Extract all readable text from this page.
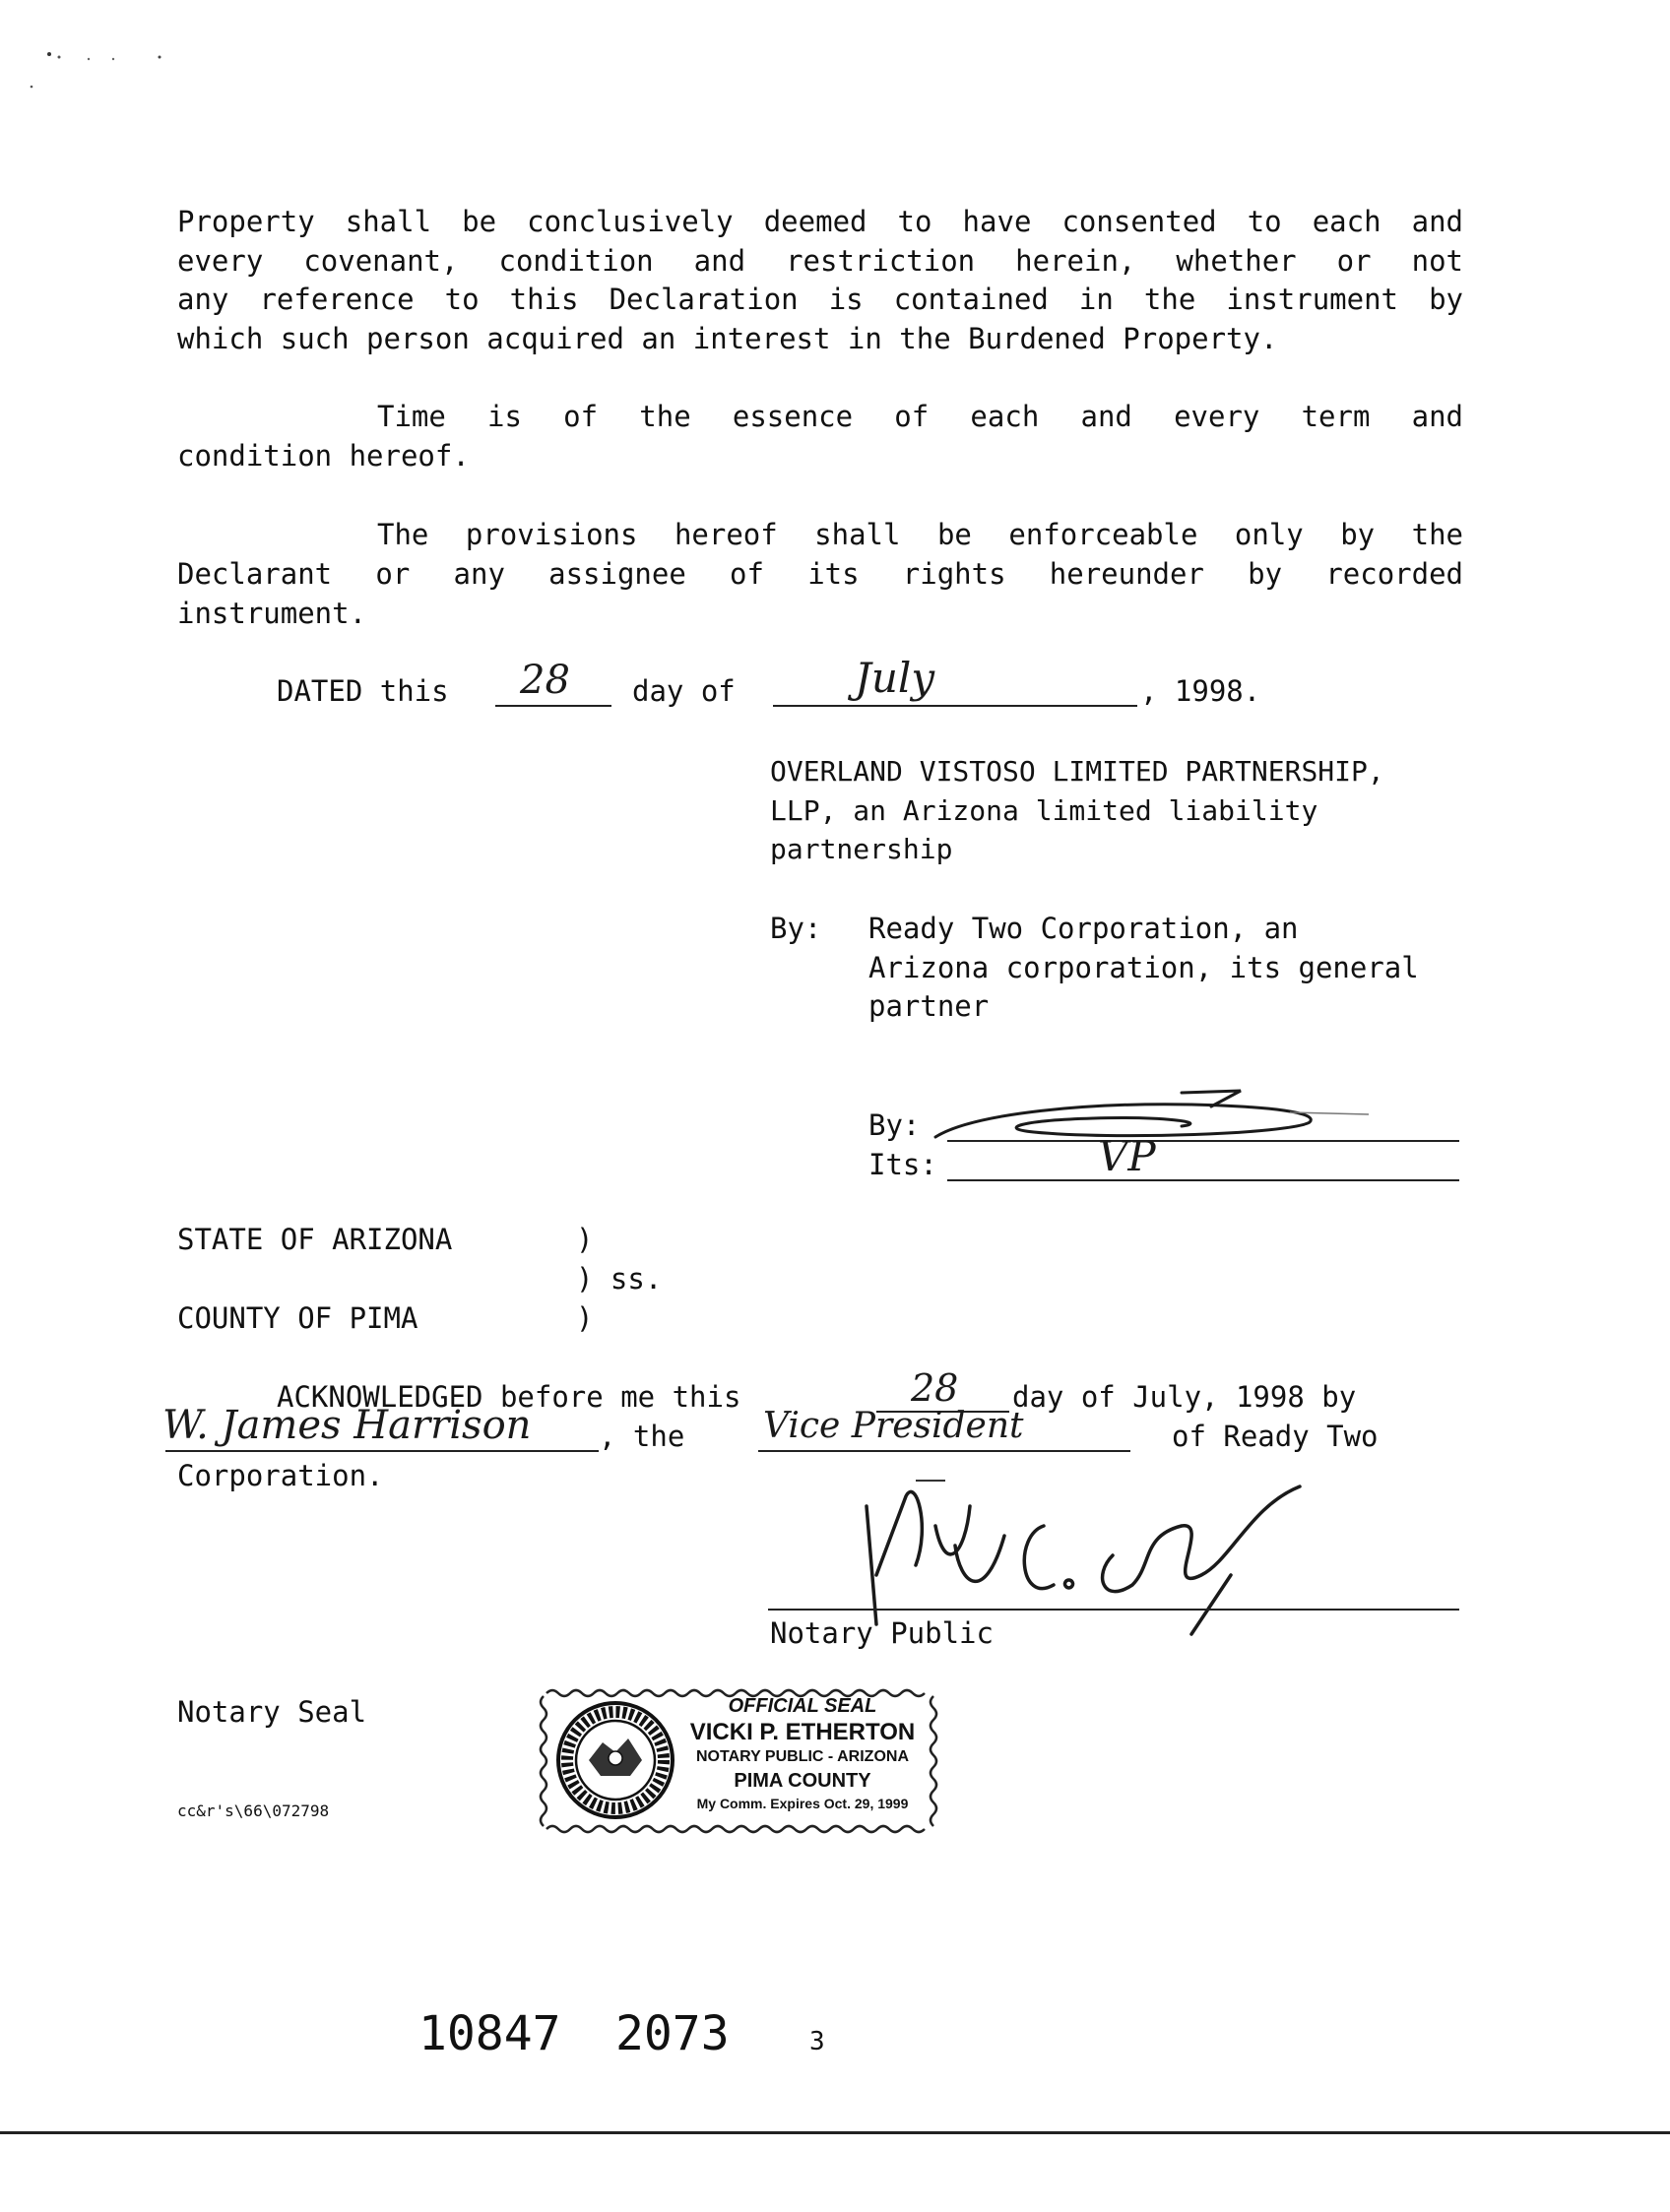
Property shall be conclusively deemed to have consented to each and
every covenant, condition and restriction herein, whether or not
any reference to this Declaration is contained in the instrument by
which such person acquired an interest in the Burdened Property.
Time is of the essence of each and every term and
condition hereof.
The provisions hereof shall be enforceable only by the
Declarant or any assignee of its rights hereunder by recorded
instrument.
DATED this 28 day of	July	, 1998.
OVERLAND VISTOSO LIMITED PARTNERSHIP,
LLP, an Arizona limited liability
partnership
By: Ready Two Corporation, an
Arizona corporation, its general
partner
By:
Its:	VP
STATE OF ARIZONA	)
) ss.
COUNTY OF PIMA	)
ACKNOWLEDGED before me this	28 day of July, 1998 by
W. James Harrison , the Vice President	of Ready Two
Corporation.
Notary Public
Notary Seal
cc&r's\66\072798
OFFICIAL SEAL
VICKI P. ETHERTON
NOTARY PUBLIC - ARIZONA
PIMA COUNTY
My Comm. Expires Oct. 29, 1999
10847 2073	3
